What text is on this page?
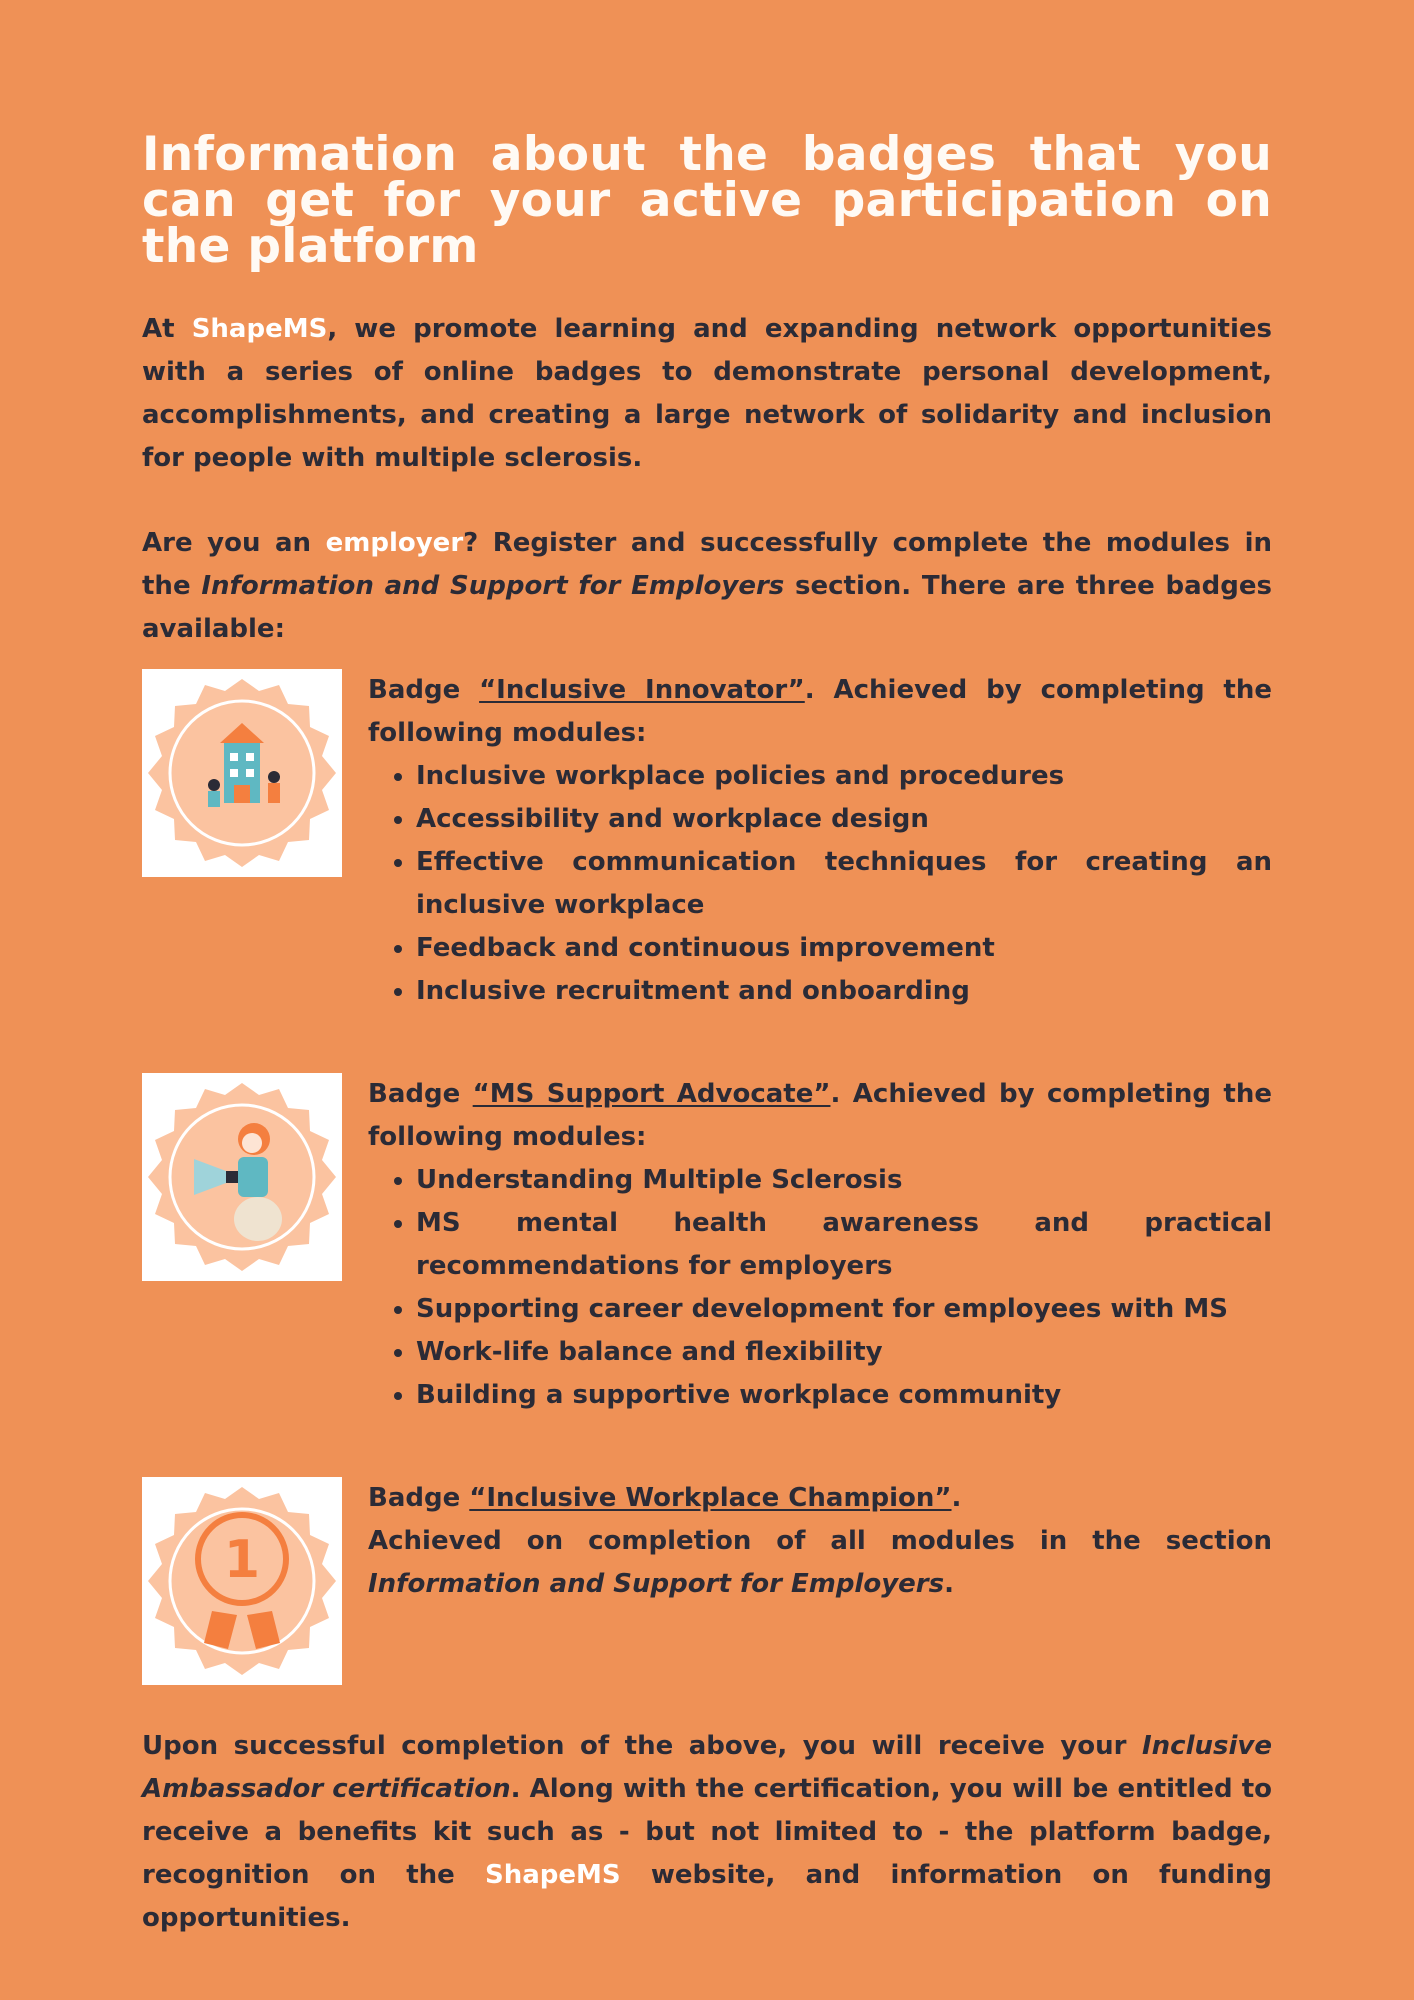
Information about the badges that you can get for your active participation on the platform

At ShapeMS, we promote learning and expanding network opportunities with a series of online badges to demonstrate personal development, accomplishments, and creating a large network of solidarity and inclusion for people with multiple sclerosis.

Are you an employer? Register and successfully complete the modules in the Information and Support for Employers section. There are three badges available:

Badge “Inclusive Innovator”. Achieved by completing the following modules:

• Inclusive workplace policies and procedures
• Accessibility and workplace design
• Effective communication techniques for creating an inclusive workplace
• Feedback and continuous improvement
• Inclusive recruitment and onboarding

Badge “MS Support Advocate”. Achieved by completing the following modules:

• Understanding Multiple Sclerosis
• MS mental health awareness and practical recommendations for employers
• Supporting career development for employees with MS
• Work-life balance and flexibility
• Building a supportive workplace community
1

Badge “Inclusive Workplace Champion”.

Achieved on completion of all modules in the section Information and Support for Employers.

Upon successful completion of the above, you will receive your Inclusive Ambassador certification. Along with the certification, you will be entitled to receive a benefits kit such as - but not limited to - the platform badge, recognition on the ShapeMS website, and information on funding opportunities.
